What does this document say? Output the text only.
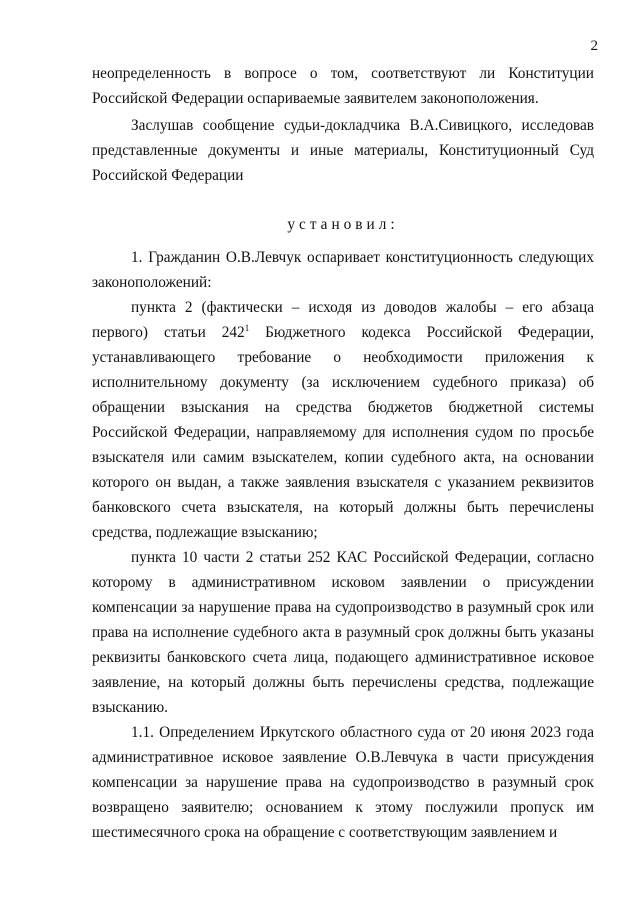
2

неопределенность в вопросе о том, соответствуют ли Конституции Российской Федерации оспариваемые заявителем законоположения.

Заслушав сообщение судьи-докладчика В.А.Сивицкого, исследовав представленные документы и иные материалы, Конституционный Суд Российской Федерации

установил:

1. Гражданин О.В.Левчук оспаривает конституционность следующих законоположений:

пункта 2 (фактически – исходя из доводов жалобы – его абзаца первого) статьи $242^1$ Бюджетного кодекса Российской Федерации, устанавливающего требование о необходимости приложения к исполнительному документу (за исключением судебного приказа) об обращении взыскания на средства бюджетов бюджетной системы Российской Федерации, направляемому для исполнения судом по просьбе взыскателя или самим взыскателем, копии судебного акта, на основании которого он выдан, а также заявления взыскателя с указанием реквизитов банковского счета взыскателя, на который должны быть перечислены средства, подлежащие взысканию;

пункта 10 части 2 статьи 252 КАС Российской Федерации, согласно которому в административном исковом заявлении о присуждении компенсации за нарушение права на судопроизводство в разумный срок или права на исполнение судебного акта в разумный срок должны быть указаны реквизиты банковского счета лица, подающего административное исковое заявление, на который должны быть перечислены средства, подлежащие взысканию.

1.1. Определением Иркутского областного суда от 20 июня 2023 года административное исковое заявление О.В.Левчука в части присуждения компенсации за нарушение права на судопроизводство в разумный срок возвращено заявителю; основанием к этому послужили пропуск им шестимесячного срока на обращение с соответствующим заявлением и
